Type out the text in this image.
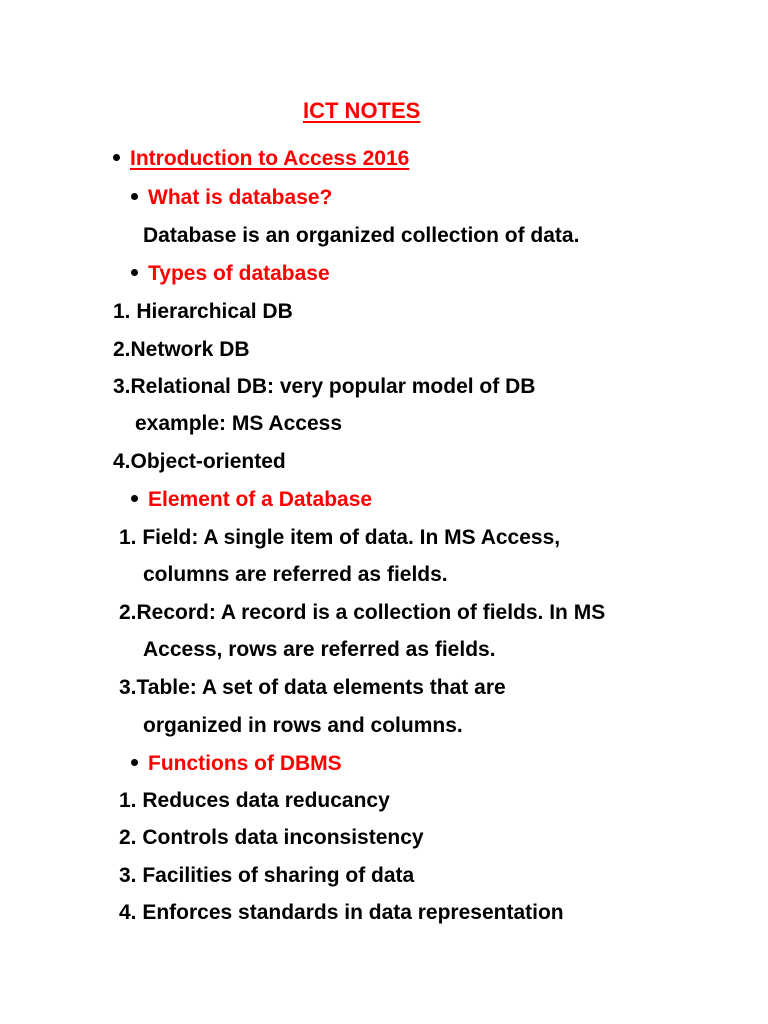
ICT NOTES
Introduction to Access 2016
What is database?
Database is an organized collection of data.
Types of database
1. Hierarchical DB
2.Network DB
3.Relational DB: very popular model of DB
example: MS Access
4.Object-oriented
Element of a Database
1. Field: A single item of data. In MS Access,
columns are referred as fields.
2.Record: A record is a collection of fields. In MS
Access, rows are referred as fields.
3.Table: A set of data elements that are
organized in rows and columns.
Functions of DBMS
1. Reduces data reducancy
2. Controls data inconsistency
3. Facilities of sharing of data
4. Enforces standards in data representation
